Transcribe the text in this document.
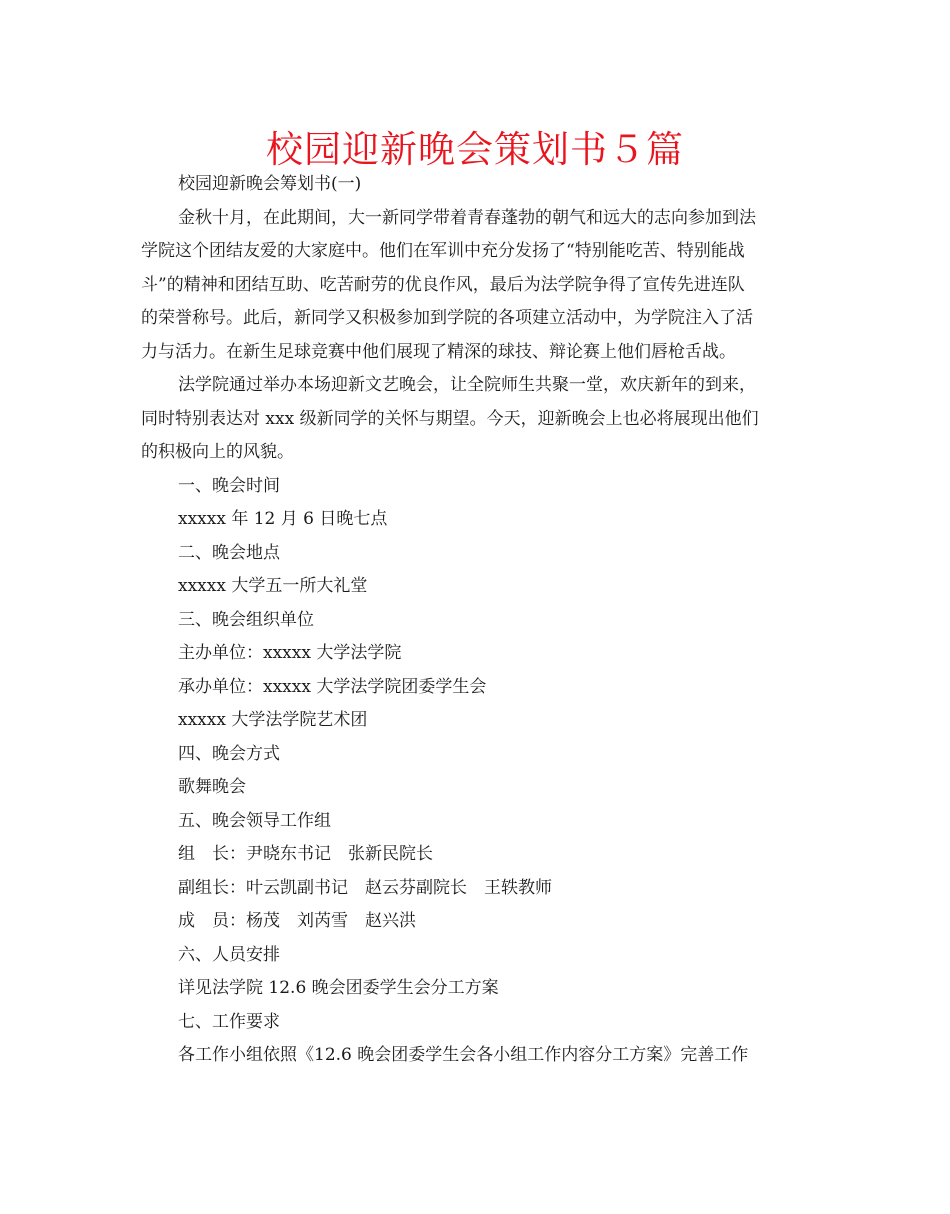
校园迎新晚会策划书５篇

校园迎新晚会筹划书(一)

金秋十月，在此期间，大一新同学带着青春蓬勃的朝气和远大的志向参加到法

学院这个团结友爱的大家庭中。他们在军训中充分发扬了“特别能吃苦、特别能战

斗”的精神和团结互助、吃苦耐劳的优良作风，最后为法学院争得了宣传先进连队

的荣誉称号。此后，新同学又积极参加到学院的各项建立活动中，为学院注入了活

力与活力。在新生足球竞赛中他们展现了精深的球技、辩论赛上他们唇枪舌战。

法学院通过举办本场迎新文艺晚会，让全院师生共聚一堂，欢庆新年的到来，

同时特别表达对 xxx 级新同学的关怀与期望。今天，迎新晚会上也必将展现出他们

的积极向上的风貌。

一、晚会时间

xxxxx 年 12 月 6 日晚七点

二、晚会地点

xxxxx 大学五一所大礼堂

三、晚会组织单位

主办单位：xxxxx 大学法学院

承办单位：xxxxx 大学法学院团委学生会

xxxxx 大学法学院艺术团

四、晚会方式

歌舞晚会

五、晚会领导工作组

组　长：尹晓东书记　张新民院长

副组长：叶云凯副书记　赵云芬副院长　王轶教师

成　员：杨茂　刘芮雪　赵兴洪

六、人员安排

详见法学院 12.6 晚会团委学生会分工方案

七、工作要求

各工作小组依照《12.6 晚会团委学生会各小组工作内容分工方案》完善工作
